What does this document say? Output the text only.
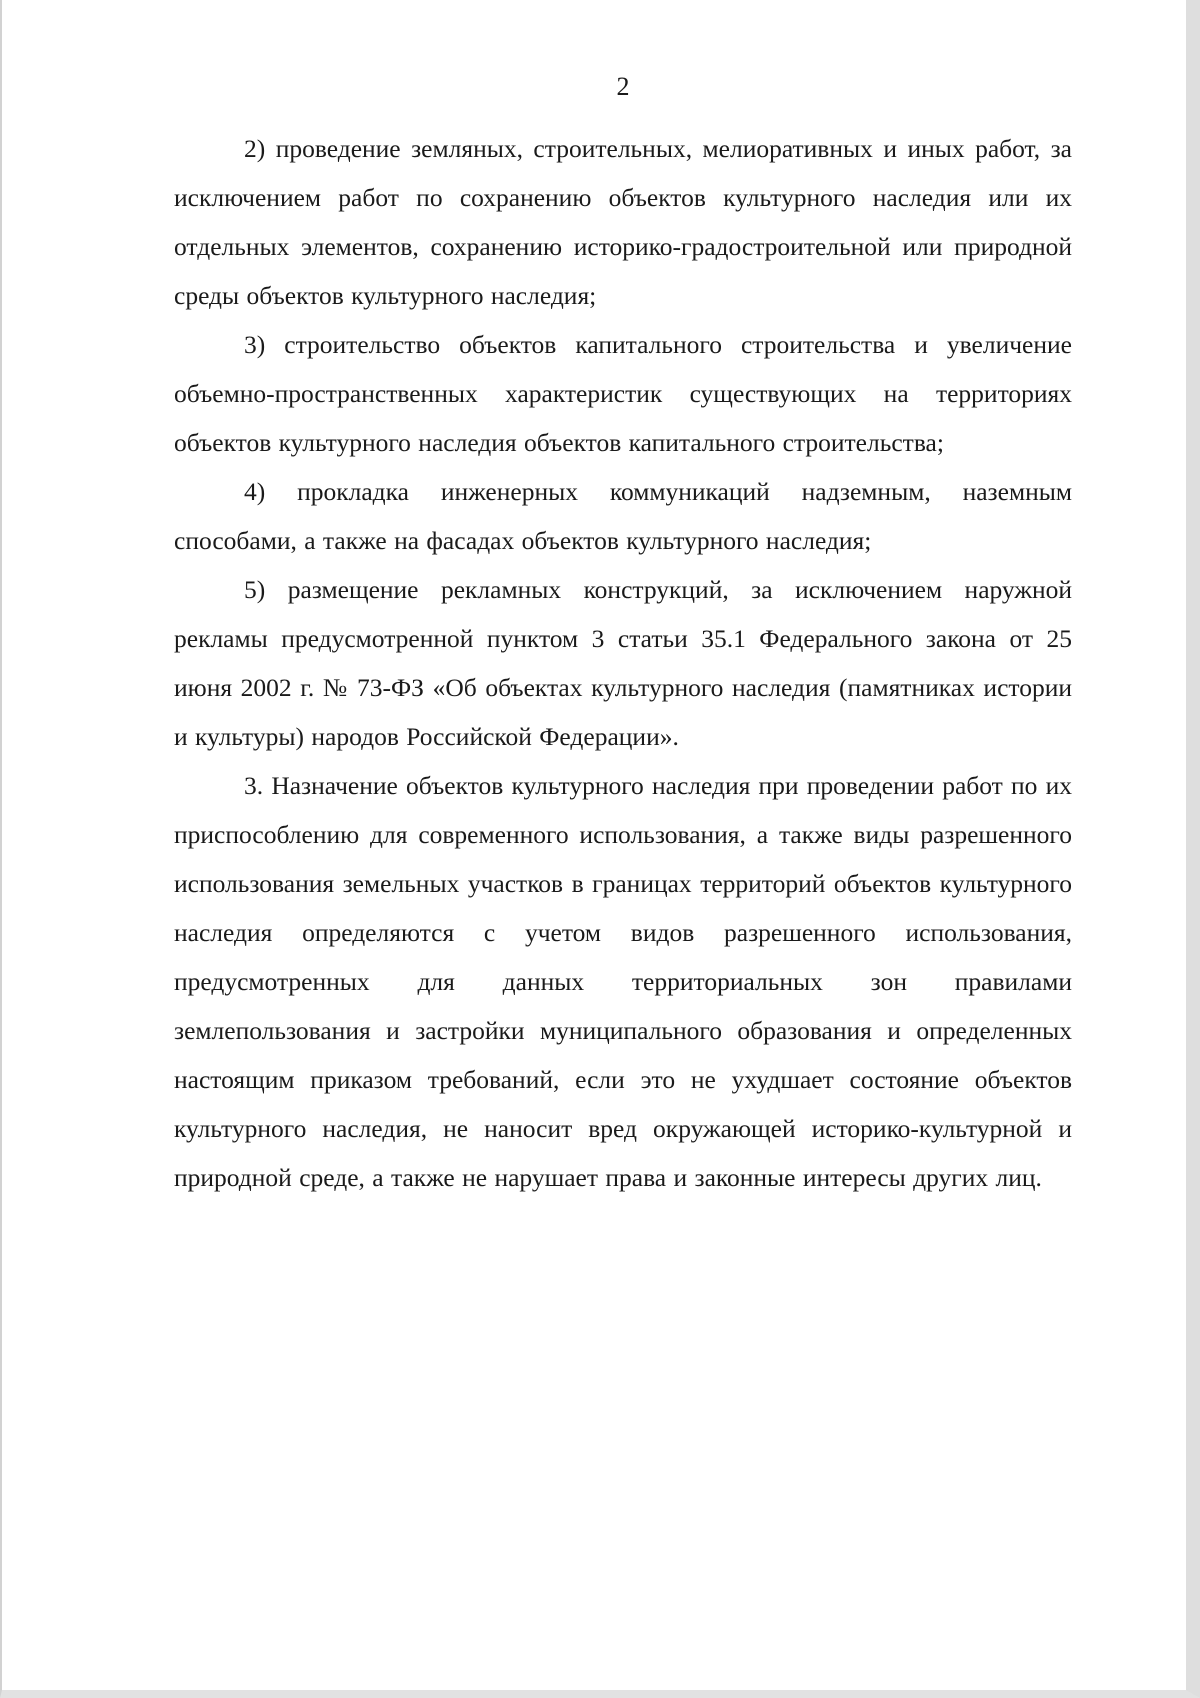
2

2) проведение земляных, строительных, мелиоративных и иных работ, за исключением работ по сохранению объектов культурного наследия или их отдельных элементов, сохранению историко-градостроительной или природной среды объектов культурного наследия;

3) строительство объектов капитального строительства и увеличение объемно-пространственных характеристик существующих на территориях объектов культурного наследия объектов капитального строительства;

4) прокладка инженерных коммуникаций надземным, наземным способами, а также на фасадах объектов культурного наследия;

5) размещение рекламных конструкций, за исключением наружной рекламы предусмотренной пунктом 3 статьи 35.1 Федерального закона от 25 июня 2002 г. № 73-ФЗ «Об объектах культурного наследия (памятниках истории и культуры) народов Российской Федерации».

3. Назначение объектов культурного наследия при проведении работ по их приспособлению для современного использования, а также виды разрешенного использования земельных участков в границах территорий объектов культурного наследия определяются с учетом видов разрешенного использования, предусмотренных для данных территориальных зон правилами землепользования и застройки муниципального образования и определенных настоящим приказом требований, если это не ухудшает состояние объектов культурного наследия, не наносит вред окружающей историко-культурной и природной среде, а также не нарушает права и законные интересы других лиц.
